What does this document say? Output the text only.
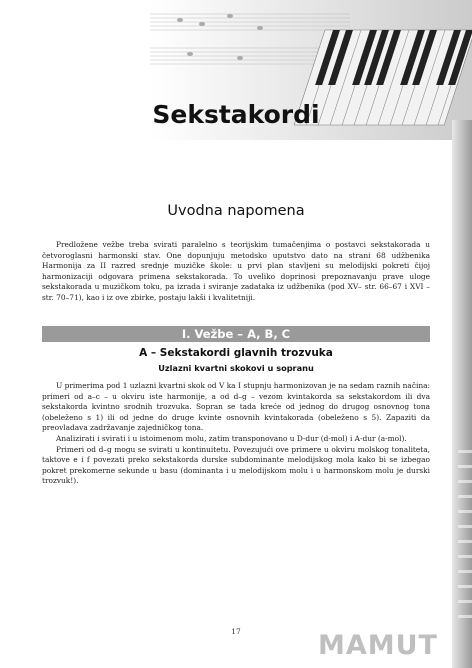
Sekstakordi
Uvodna napomena
Predložene vežbe treba svirati paralelno s teorijskim tumačenjima o postavci sekstakorada u četvoroglasni harmonski stav. One dopunjuju metodsko uputstvo dato na strani 68 udžbenika Harmonija za II razred srednje muzičke škole: u prvi plan stavljeni su melodijski pokreti čijoj harmonizaciji odgovara primena sekstakorada. To uveliko doprinosi prepoznavanju prave uloge sekstakorada u muzičkom toku, pa izrada i sviranje zadataka iz udžbenika (pod XV– str. 66–67 i XVI – str. 70–71), kao i iz ove zbirke, postaju lakši i kvalitetniji.
I. Vežbe – A, B, C
A – Sekstakordi glavnih trozvuka
Uzlazni kvartni skokovi u sopranu

U primerima pod 1 uzlazni kvartni skok od V ka I stupnju harmonizovan je na sedam raznih načina: primeri od a–c – u okviru iste harmonije, a od d–g – vezom kvintakorda sa sekstakordom ili dva sekstakorda kvintno srodnih trozvuka. Sopran se tada kreće od jednog do drugog osnovnog tona (obeleženo s 1) ili od jedne do druge kvinte osnovnih kvintakorada (obeleženo s 5). Zapaziti da preovladava zadržavanje zajedničkog tona.

Analizirati i svirati i u istoimenom molu, zatim transponovano u D-dur (d-mol) i A-dur (a-mol).

Primeri od d–g mogu se svirati u kontinuitetu. Povezujući ove primere u okviru molskog tonaliteta, taktove e i f povezati preko sekstakorda durske subdominante melodijskog mola kako bi se izbegao pokret prekomerne sekunde u basu (dominanta i u melodijskom molu i u harmonskom molu je durski trozvuk!).

17	MAMUT
